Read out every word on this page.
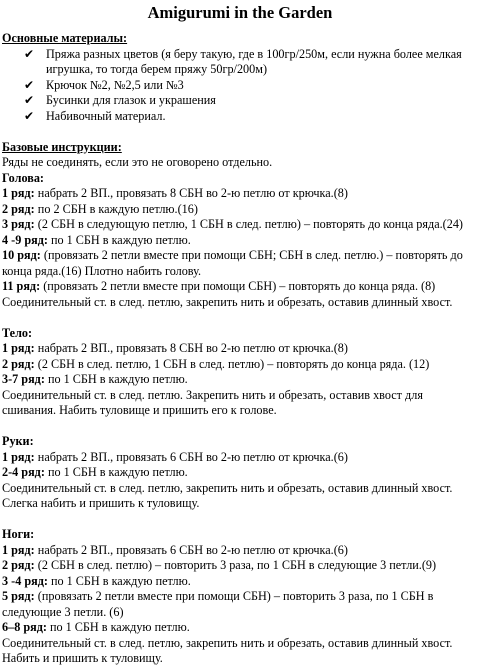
Amigurumi in the Garden
Основные материалы:
✔ Пряжа разных цветов (я беру такую, где в 100гр/250м, если нужна более мелкая игрушка, то тогда берем пряжу 50гр/200м)
✔ Крючок №2, №2,5 или №3
✔ Бусинки для глазок и украшения
✔ Набивочный материал.
Базовые инструкции:

Ряды не соединять, если это не оговорено отдельно.

Голова:

1 ряд: набрать 2 ВП., провязать 8 СБН во 2-ю петлю от крючка.(8)

2 ряд: по 2 СБН в каждую петлю.(16)

3 ряд: (2 СБН в следующую петлю, 1 СБН в след. петлю) – повторять до конца ряда.(24)

4 -9 ряд: по 1 СБН в каждую петлю.

10 ряд: (провязать 2 петли вместе при помощи СБН; СБН в след. петлю.) – повторять до конца ряда.(16) Плотно набить голову.

11 ряд: (провязать 2 петли вместе при помощи СБН) – повторять до конца ряда. (8)

Соединительный ст. в след. петлю, закрепить нить и обрезать, оставив длинный хвост.

Тело:

1 ряд: набрать 2 ВП., провязать 8 СБН во 2-ю петлю от крючка.(8)

2 ряд: (2 СБН в след. петлю, 1 СБН в след. петлю) – повторять до конца ряда. (12)

3-7 ряд: по 1 СБН в каждую петлю.

Соединительный ст. в след. петлю. Закрепить нить и обрезать, оставив хвост для сшивания. Набить туловище и пришить его к голове.

Руки:

1 ряд: набрать 2 ВП., провязать 6 СБН во 2-ю петлю от крючка.(6)

2-4 ряд: по 1 СБН в каждую петлю.

Соединительный ст. в след. петлю, закрепить нить и обрезать, оставив длинный хвост. Слегка набить и пришить к туловищу.

Ноги:

1 ряд: набрать 2 ВП., провязать 6 СБН во 2-ю петлю от крючка.(6)

2 ряд: (2 СБН в след. петлю) – повторить 3 раза, по 1 СБН в следующие 3 петли.(9)

3 -4 ряд: по 1 СБН в каждую петлю.

5 ряд: (провязать 2 петли вместе при помощи СБН) – повторить 3 раза, по 1 СБН в следующие 3 петли. (6)

6–8 ряд: по 1 СБН в каждую петлю.

Соединительный ст. в след. петлю, закрепить нить и обрезать, оставив длинный хвост. Набить и пришить к туловищу.
